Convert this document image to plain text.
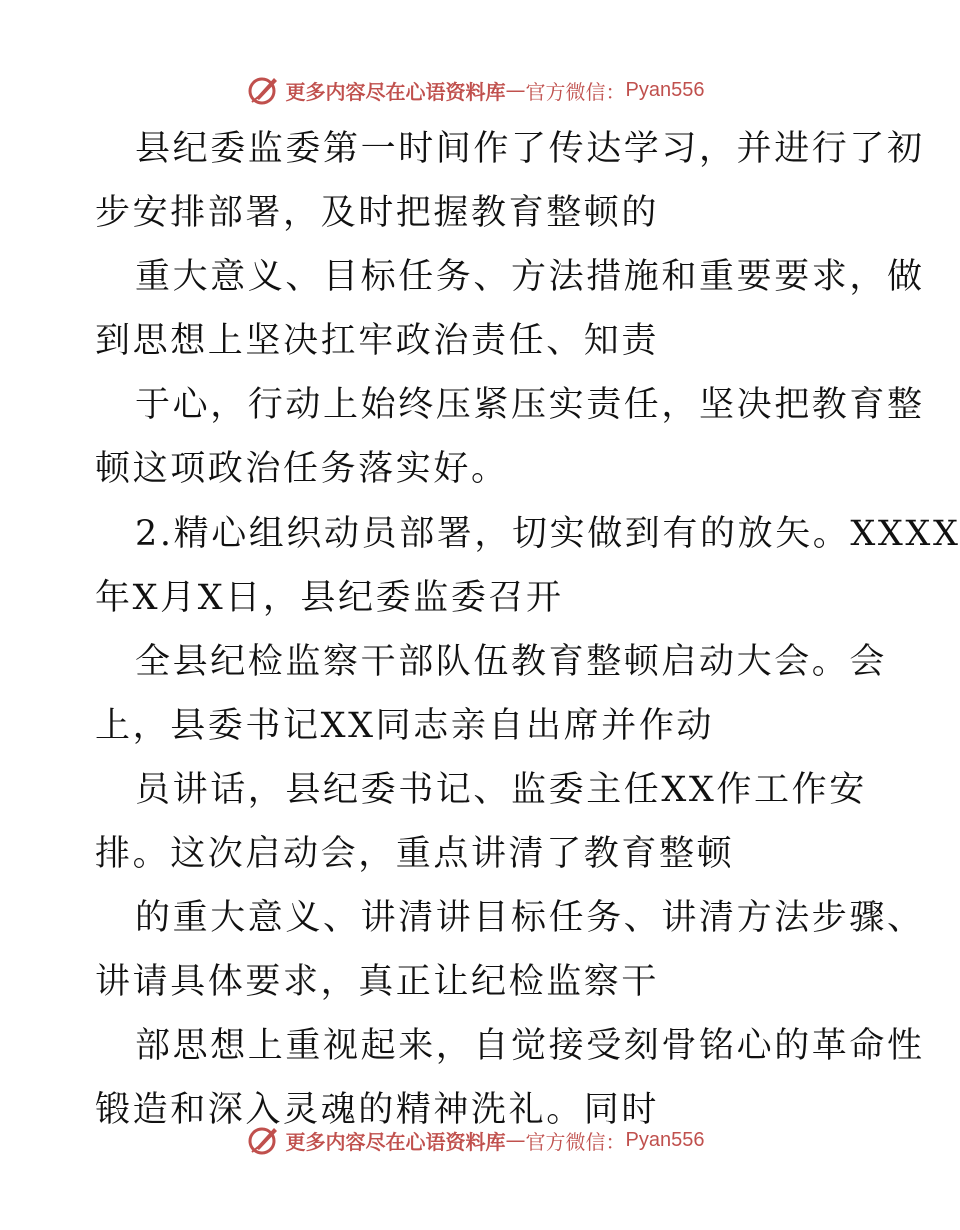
更多内容尽在心语资料库 — 官方微信： Pyan556
县纪委监委第一时间作了传达学习，并进行了初
步安排部署，及时把握教育整顿的
重大意义、目标任务、方法措施和重要要求，做
到思想上坚决扛牢政治责任、知责
于心，行动上始终压紧压实责任，坚决把教育整
顿这项政治任务落实好。
2.精心组织动员部署，切实做到有的放矢。XXXX
年X月X日，县纪委监委召开
全县纪检监察干部队伍教育整顿启动大会。会
上，县委书记XX同志亲自出席并作动
员讲话，县纪委书记、监委主任XX作工作安
排。这次启动会，重点讲清了教育整顿
的重大意义、讲清讲目标任务、讲清方法步骤、
讲请具体要求，真正让纪检监察干
部思想上重视起来，自觉接受刻骨铭心的革命性
锻造和深入灵魂的精神洗礼。同时
更多内容尽在心语资料库 — 官方微信： Pyan556
